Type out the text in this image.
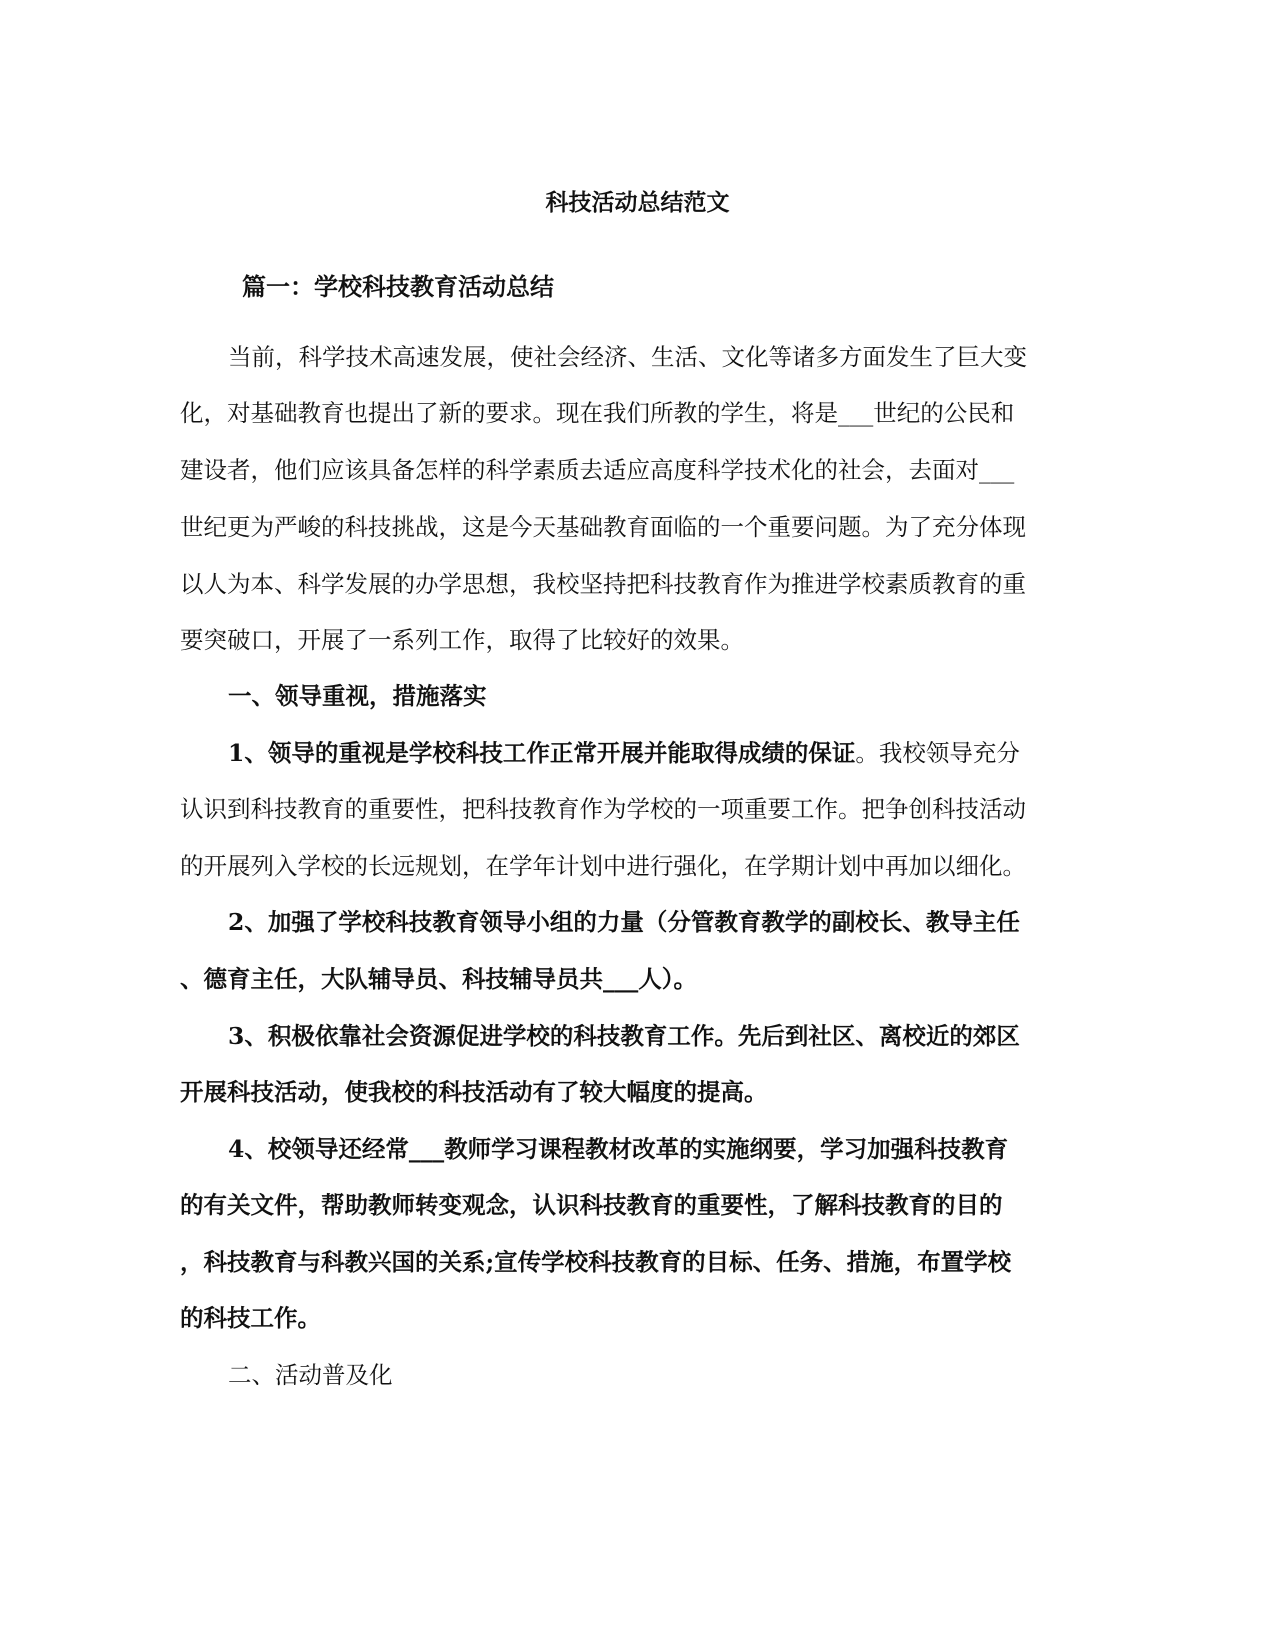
科技活动总结范文
篇一：学校科技教育活动总结
当前，科学技术高速发展，使社会经济、生活、文化等诸多方面发生了巨大变
化，对基础教育也提出了新的要求。现在我们所教的学生，将是___世纪的公民和
建设者，他们应该具备怎样的科学素质去适应高度科学技术化的社会，去面对___
世纪更为严峻的科技挑战，这是今天基础教育面临的一个重要问题。为了充分体现
以人为本、科学发展的办学思想，我校坚持把科技教育作为推进学校素质教育的重
要突破口，开展了一系列工作，取得了比较好的效果。
一、领导重视，措施落实
1、领导的重视是学校科技工作正常开展并能取得成绩的保证。我校领导充分
认识到科技教育的重要性，把科技教育作为学校的一项重要工作。把争创科技活动
的开展列入学校的长远规划，在学年计划中进行强化，在学期计划中再加以细化。
2、加强了学校科技教育领导小组的力量（分管教育教学的副校长、教导主任
、德育主任，大队辅导员、科技辅导员共___人）。
3、积极依靠社会资源促进学校的科技教育工作。先后到社区、离校近的郊区
开展科技活动，使我校的科技活动有了较大幅度的提高。
4、校领导还经常___教师学习课程教材改革的实施纲要，学习加强科技教育
的有关文件，帮助教师转变观念，认识科技教育的重要性，了解科技教育的目的
，科技教育与科教兴国的关系;宣传学校科技教育的目标、任务、措施，布置学校
的科技工作。
二、活动普及化
